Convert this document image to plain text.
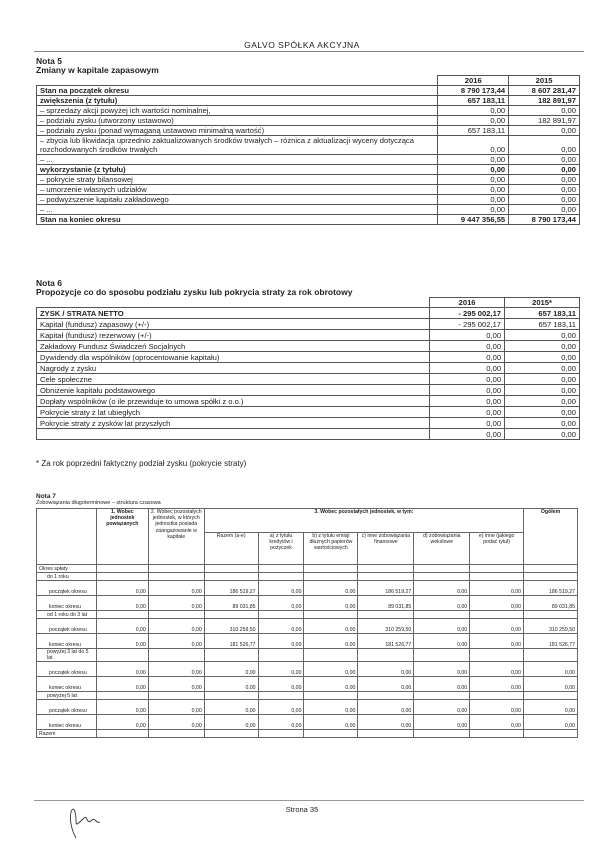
GALVO SPÓŁKA AKCYJNA
Nota 5
Zmiany w kapitale zapasowym
	2016	2015
Stan na początek okresu	8 790 173,44	8 607 281,47
zwiększenia (z tytułu)	657 183,11	182 891,97
– sprzedaży akcji powyżej ich wartości nominalnej,	0,00	0,00
– podziału zysku (utworzony ustawowo)	0,00	182 891,97
– podziału zysku (ponad wymaganą ustawowo minimalną wartość)	657 183,11	0,00
– zbycia lub likwidacja uprzednio zaktualizowanych środków trwałych – różnica z aktualizacji wyceny dotycząca rozchodowanych środków trwałych	0,00	0,00
– ...	0,00	0,00
wykorzystanie (z tytułu)	0,00	0,00
– pokrycie straty bilansowej	0,00	0,00
– umorzenie własnych udziałów	0,00	0,00
– podwyższenie kapitału zakładowego	0,00	0,00
– ...	0,00	0,00
Stan na koniec okresu	9 447 356,55	8 790 173,44
Nota 6
Propozycje co do sposobu podziału zysku lub pokrycia straty za rok obrotowy
	2016	2015*
ZYSK / STRATA NETTO	- 295 002,17	657 183,11
Kapitał (fundusz) zapasowy (+/-)	- 295 002,17	657 183,11
Kapitał (fundusz) rezerwowy (+/-)	0,00	0,00
Zakładowy Fundusz Świadczeń Socjalnych	0,00	0,00
Dywidendy dla wspólników (oprocentowanie kapitału)	0,00	0,00
Nagrody z zysku	0,00	0,00
Cele społeczne	0,00	0,00
Obniżenie kapitału podstawowego	0,00	0,00
Dopłaty wspólników (o ile przewiduje to umowa spółki z o.o.)	0,00	0,00
Pokrycie straty z lat ubiegłych	0,00	0,00
Pokrycie straty z zysków lat przyszłych	0,00	0,00
	0,00	0,00
* Za rok poprzedni faktyczny podział zysku (pokrycie straty)
Nota 7
Zobowiązania długoterminowe – struktura czasowa
	1. Wobec jednostek powiązanych	2. Wobec pozostałych jednostek, w których jednostka posiada zaangażowanie w kapitale	3. Wobec pozostałych jednostek, w tym:						Ogółem
			Razem (a-e)	a) z tytułu kredytów i pożyczek	b) z tytułu emisji dłużnych papierów wartościowych	c) inne zobowiązania finansowe	d) zobowiązania wekslowe	e) inne (jakiego podać tytuł)	
Okres spłaty									
do 1 roku									
początek okresu	0,00	0,00	186 519,27	0,00	0,00	186 519,27	0,00	0,00	186 519,27
koniec okresu	0,00	0,00	89 031,85	0,00	0,00	89 031,85	0,00	0,00	89 031,85
od 1 roku do 3 lat									
początek okresu	0,00	0,00	310 259,50	0,00	0,00	310 259,50	0,00	0,00	310 259,50
koniec okresu	0,00	0,00	181 526,77	0,00	0,00	181 526,77	0,00	0,00	181 526,77
powyżej 3 lat do 5 lat									
początek okresu	0,00	0,00	0,00	0,00	0,00	0,00	0,00	0,00	0,00
koniec okresu	0,00	0,00	0,00	0,00	0,00	0,00	0,00	0,00	0,00
powyżej 5 lat									
początek okresu	0,00	0,00	0,00	0,00	0,00	0,00	0,00	0,00	0,00
koniec okresu	0,00	0,00	0,00	0,00	0,00	0,00	0,00	0,00	0,00
Razem									
Strona 35
